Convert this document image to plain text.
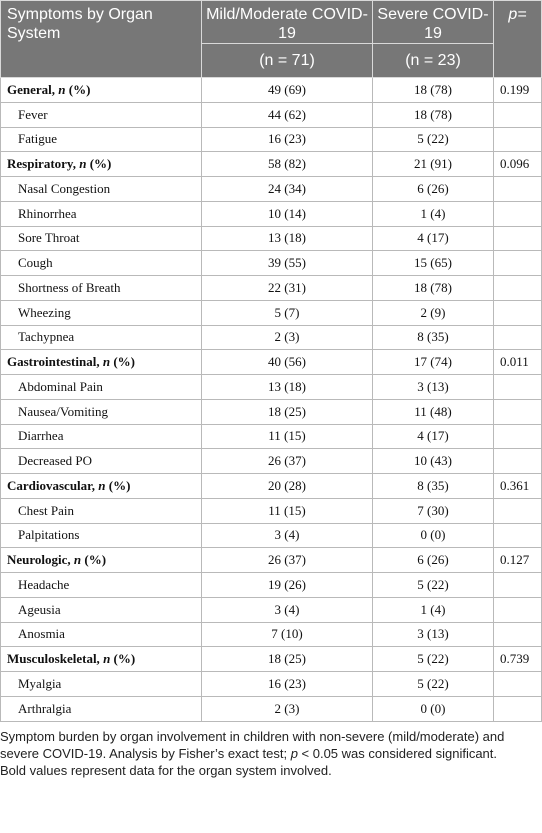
Symptoms by Organ System	Mild/Moderate COVID-19	Severe COVID-19	p=
	(n = 71)	(n = 23)	
General, n (%)	49 (69)	18 (78)	0.199
Fever	44 (62)	18 (78)	
Fatigue	16 (23)	5 (22)	
Respiratory, n (%)	58 (82)	21 (91)	0.096
Nasal Congestion	24 (34)	6 (26)	
Rhinorrhea	10 (14)	1 (4)	
Sore Throat	13 (18)	4 (17)	
Cough	39 (55)	15 (65)	
Shortness of Breath	22 (31)	18 (78)	
Wheezing	5 (7)	2 (9)	
Tachypnea	2 (3)	8 (35)	
Gastrointestinal, n (%)	40 (56)	17 (74)	0.011
Abdominal Pain	13 (18)	3 (13)	
Nausea/Vomiting	18 (25)	11 (48)	
Diarrhea	11 (15)	4 (17)	
Decreased PO	26 (37)	10 (43)	
Cardiovascular, n (%)	20 (28)	8 (35)	0.361
Chest Pain	11 (15)	7 (30)	
Palpitations	3 (4)	0 (0)	
Neurologic, n (%)	26 (37)	6 (26)	0.127
Headache	19 (26)	5 (22)	
Ageusia	3 (4)	1 (4)	
Anosmia	7 (10)	3 (13)	
Musculoskeletal, n (%)	18 (25)	5 (22)	0.739
Myalgia	16 (23)	5 (22)	
Arthralgia	2 (3)	0 (0)	
Symptom burden by organ involvement in children with non-severe (mild/moderate) and severe COVID-19. Analysis by Fisher’s exact test; p < 0.05 was considered significant.
Bold values represent data for the organ system involved.
